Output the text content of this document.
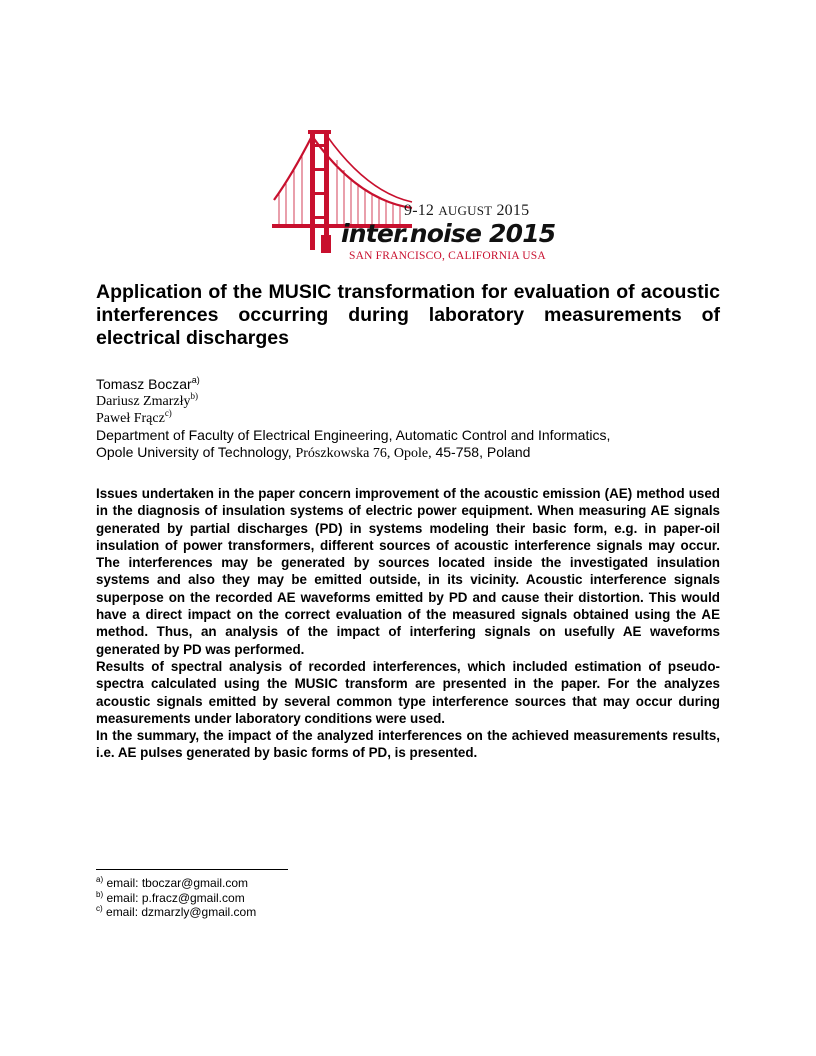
9-12 AUGUST 2015
inter.noise 2015
SAN FRANCISCO, CALIFORNIA USA
Application of the MUSIC transformation for evaluation of acoustic interferences occurring during laboratory measurements of electrical discharges
Tomasz Boczar$^{a)}$
Dariusz Zmarzły$^{b)}$
Paweł Frącz$^{c)}$
Department of Faculty of Electrical Engineering, Automatic Control and Informatics,
Opole University of Technology, Prószkowska 76, Opole, 45-758, Poland

Issues undertaken in the paper concern improvement of the acoustic emission (AE) method used in the diagnosis of insulation systems of electric power equipment. When measuring AE signals generated by partial discharges (PD) in systems modeling their basic form, e.g. in paper-oil insulation of power transformers, different sources of acoustic interference signals may occur. The interferences may be generated by sources located inside the investigated insulation systems and also they may be emitted outside, in its vicinity. Acoustic interference signals superpose on the recorded AE waveforms emitted by PD and cause their distortion. This would have a direct impact on the correct evaluation of the measured signals obtained using the AE method. Thus, an analysis of the impact of interfering signals on usefully AE waveforms generated by PD was performed.

Results of spectral analysis of recorded interferences, which included estimation of pseudo-spectra calculated using the MUSIC transform are presented in the paper. For the analyzes acoustic signals emitted by several common type interference sources that may occur during measurements under laboratory conditions were used.

In the summary, the impact of the analyzed interferences on the achieved measurements results, i.e. AE pulses generated by basic forms of PD, is presented.

$^{a)}$ email: tboczar@gmail.com
$^{b)}$ email: p.fracz@gmail.com
$^{c)}$ email: dzmarzly@gmail.com
